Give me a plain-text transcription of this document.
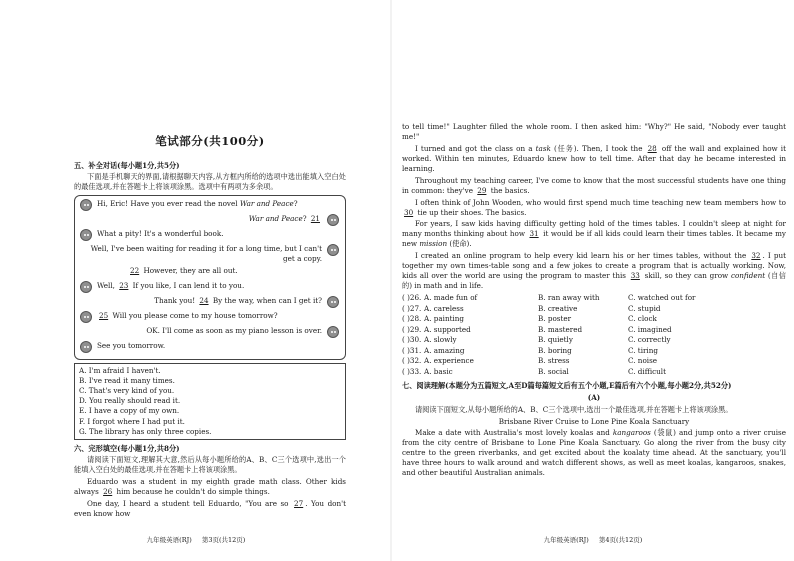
笔试部分(共100分)
五、补全对话(每小题1分,共5分)
下面是手机聊天的界面,请根据聊天内容,从方框内所给的选项中选出能填入空白处的最佳选项,并在答题卡上将该项涂黑。选项中有两项为多余项。
Hi, Eric! Have you ever read the novel War and Peace?
War and Peace? 21
What a pity! It's a wonderful book.
Well, I've been waiting for reading it for a long time, but I can't get a copy.
22 However, they are all out.
Well, 23 If you like, I can lend it to you.
Thank you! 24 By the way, when can I get it?
25 Will you please come to my house tomorrow?
OK. I'll come as soon as my piano lesson is over.
See you tomorrow.
A. I'm afraid I haven't.
B. I've read it many times.
C. That's very kind of you.
D. You really should read it.
E. I have a copy of my own.
F. I forgot where I had put it.
G. The library has only three copies.
六、完形填空(每小题1分,共8分)
请阅读下面短文,理解其大意,然后从每小题所给的A、B、C三个选项中,选出一个能填入空白处的最佳选项,并在答题卡上将该项涂黑。
Eduardo was a student in my eighth grade math class. Other kids always 26 him because he couldn't do simple things.
One day, I heard a student tell Eduardo, "You are so 27 . You don't even know how
九年级英语(RJ) 第3页(共12页)
to tell time!" Laughter filled the whole room. I then asked him: "Why?" He said, "Nobody ever taught me!"
I turned and got the class on a task (任务). Then, I took the 28 off the wall and explained how it worked. Within ten minutes, Eduardo knew how to tell time. After that day he became interested in learning.
Throughout my teaching career, I've come to know that the most successful students have one thing in common: they've 29 the basics.
I often think of John Wooden, who would first spend much time teaching new team members how to 30 tie up their shoes. The basics.
For years, I saw kids having difficulty getting hold of the times tables. I couldn't sleep at night for many months thinking about how 31 it would be if all kids could learn their times tables. It became my new mission (使命).
I created an online program to help every kid learn his or her times tables, without the 32 . I put together my own times-table song and a few jokes to create a program that is actually working. Now, kids all over the world are using the program to master this 33 skill, so they can grow confident (自信的) in math and in life.
( )26.	A. made fun of	B. ran away with	C. watched out for
( )27.	A. careless	B. creative	C. stupid
( )28.	A. painting	B. poster	C. clock
( )29.	A. supported	B. mastered	C. imagined
( )30.	A. slowly	B. quietly	C. correctly
( )31.	A. amazing	B. boring	C. tiring
( )32.	A. experience	B. stress	C. noise
( )33.	A. basic	B. social	C. difficult
七、阅读理解(本题分为五篇短文,A至D篇每篇短文后有五个小题,E篇后有六个小题,每小题2分,共52分)
(A)
请阅读下面短文,从每小题所给的A、B、C三个选项中,选出一个最佳选项,并在答题卡上将该项涂黑。
Brisbane River Cruise to Lone Pine Koala Sanctuary
Make a date with Australia's most lovely koalas and kangaroos (袋鼠) and jump onto a river cruise from the city centre of Brisbane to Lone Pine Koala Sanctuary. Go along the river from the busy city centre to the green riverbanks, and get excited about the koalaty time ahead. At the sanctuary, you'll have three hours to walk around and watch different shows, as well as meet koalas, kangaroos, snakes, and other beautiful Australian animals.
九年级英语(RJ) 第4页(共12页)
